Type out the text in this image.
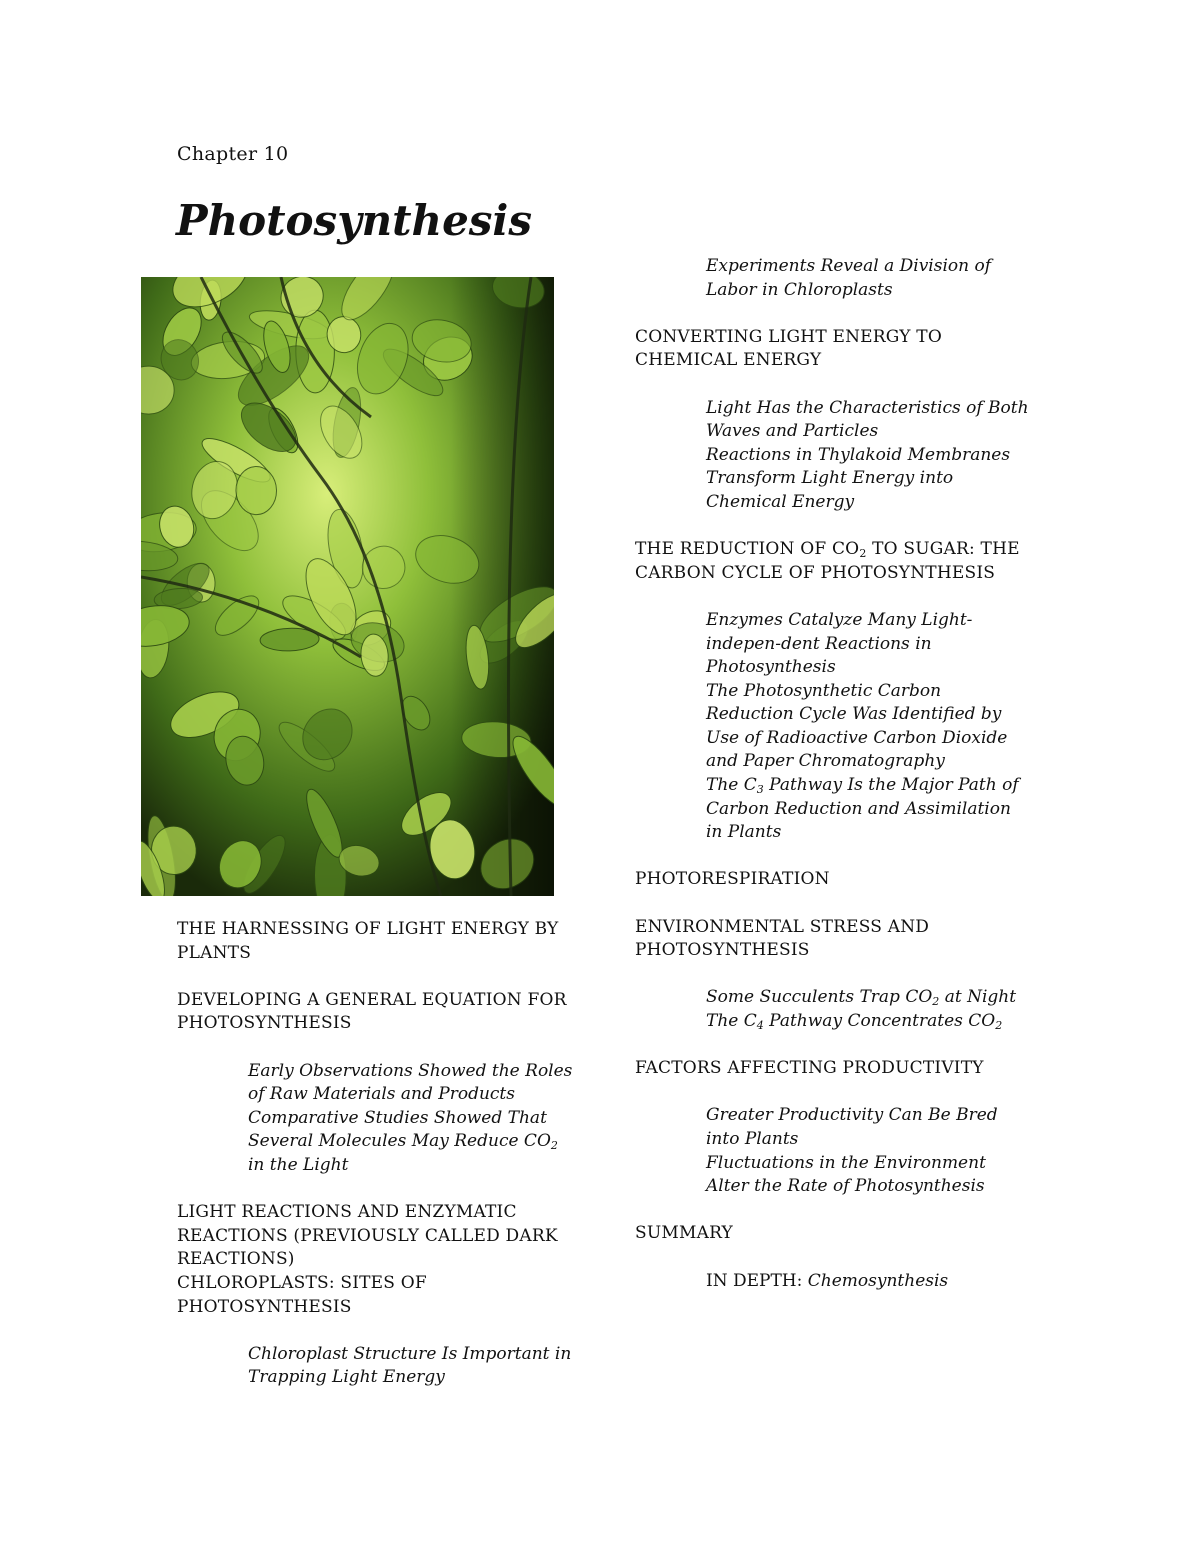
Chapter 10
Photosynthesis

THE HARNESSING OF LIGHT ENERGY BY

PLANTS

DEVELOPING A GENERAL EQUATION FOR

PHOTOSYNTHESIS

Early Observations Showed the Roles

of Raw Materials and Products

Comparative Studies Showed That

Several Molecules May Reduce $CO_2$

in the Light

LIGHT REACTIONS AND ENZYMATIC

REACTIONS (PREVIOUSLY CALLED DARK

REACTIONS)

CHLOROPLASTS: SITES OF

PHOTOSYNTHESIS

Chloroplast Structure Is Important in

Trapping Light Energy

Experiments Reveal a Division of

Labor in Chloroplasts

CONVERTING LIGHT ENERGY TO

CHEMICAL ENERGY

Light Has the Characteristics of Both

Waves and Particles

Reactions in Thylakoid Membranes

Transform Light Energy into

Chemical Energy

THE REDUCTION OF $CO_2$ TO SUGAR: THE

CARBON CYCLE OF PHOTOSYNTHESIS

Enzymes Catalyze Many Light-

indepen-dent Reactions in

Photosynthesis

The Photosynthetic Carbon

Reduction Cycle Was Identified by

Use of Radioactive Carbon Dioxide

and Paper Chromatography

The $C_3$ Pathway Is the Major Path of

Carbon Reduction and Assimilation

in Plants

PHOTORESPIRATION

ENVIRONMENTAL STRESS AND

PHOTOSYNTHESIS

Some Succulents Trap $CO_2$ at Night

The $C_4$ Pathway Concentrates $CO_2$

FACTORS AFFECTING PRODUCTIVITY

Greater Productivity Can Be Bred

into Plants

Fluctuations in the Environment

Alter the Rate of Photosynthesis

SUMMARY

IN DEPTH: Chemosynthesis
